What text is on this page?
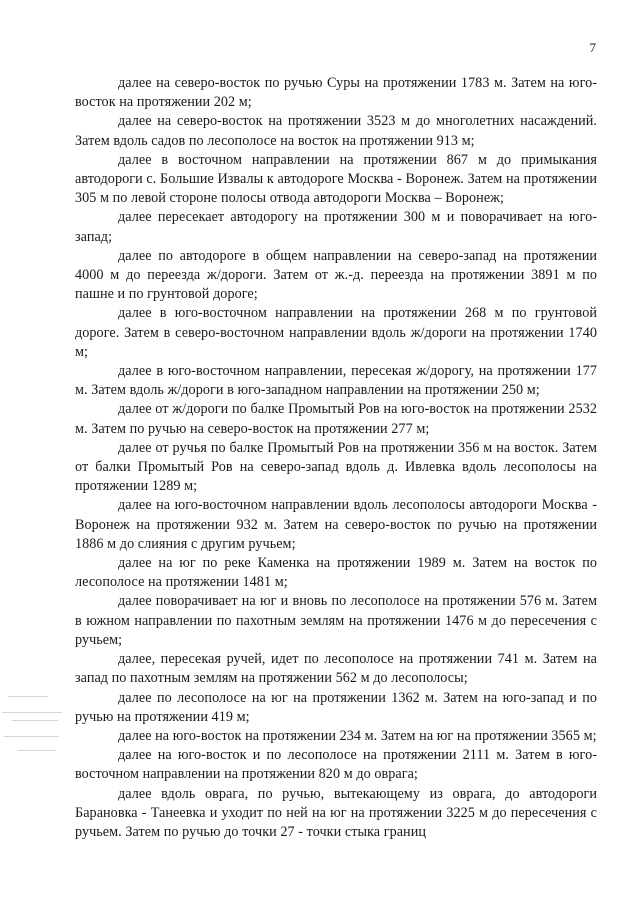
7

далее на северо-восток по ручью Суры на протяжении 1783 м. Затем на юго-восток на протяжении 202 м;

далее на северо-восток на протяжении 3523 м до многолетних насаждений. Затем вдоль садов по лесополосе на восток на протяжении 913 м;

далее в восточном направлении на протяжении 867 м до примыкания автодороги с. Большие Извалы к автодороге Москва - Воронеж. Затем на протяжении 305 м по левой стороне полосы отвода автодороги Москва – Воронеж;

далее пересекает автодорогу на протяжении 300 м и поворачивает на юго-запад;

далее по автодороге в общем направлении на северо-запад на протяжении 4000 м до переезда ж/дороги. Затем от ж.-д. переезда на протяжении 3891 м по пашне и по грунтовой дороге;

далее в юго-восточном направлении на протяжении 268 м по грунтовой дороге. Затем в северо-восточном направлении вдоль ж/дороги на протяжении 1740 м;

далее в юго-восточном направлении, пересекая ж/дорогу, на протяжении 177 м. Затем вдоль ж/дороги в юго-западном направлении на протяжении 250 м;

далее от ж/дороги по балке Промытый Ров на юго-восток на протяжении 2532 м. Затем по ручью на северо-восток на протяжении 277 м;

далее от ручья по балке Промытый Ров на протяжении 356 м на восток. Затем от балки Промытый Ров на северо-запад вдоль д. Ивлевка вдоль лесополосы на протяжении 1289 м;

далее на юго-восточном направлении вдоль лесополосы автодороги Москва - Воронеж на протяжении 932 м. Затем на северо-восток по ручью на протяжении 1886 м до слияния с другим ручьем;

далее на юг по реке Каменка на протяжении 1989 м. Затем на восток по лесополосе на протяжении 1481 м;

далее поворачивает на юг и вновь по лесополосе на протяжении 576 м. Затем в южном направлении по пахотным землям на протяжении 1476 м до пересечения с ручьем;

далее, пересекая ручей, идет по лесополосе на протяжении 741 м. Затем на запад по пахотным землям на протяжении 562 м до лесополосы;

далее по лесополосе на юг на протяжении 1362 м. Затем на юго-запад и по ручью на протяжении 419 м;

далее на юго-восток на протяжении 234 м. Затем на юг на протяжении 3565 м;

далее на юго-восток и по лесополосе на протяжении 2111 м. Затем в юго-восточном направлении на протяжении 820 м до оврага;

далее вдоль оврага, по ручью, вытекающему из оврага, до автодороги Барановка - Танеевка и уходит по ней на юг на протяжении 3225 м до пересечения с ручьем. Затем по ручью до точки 27 - точки стыка границ
